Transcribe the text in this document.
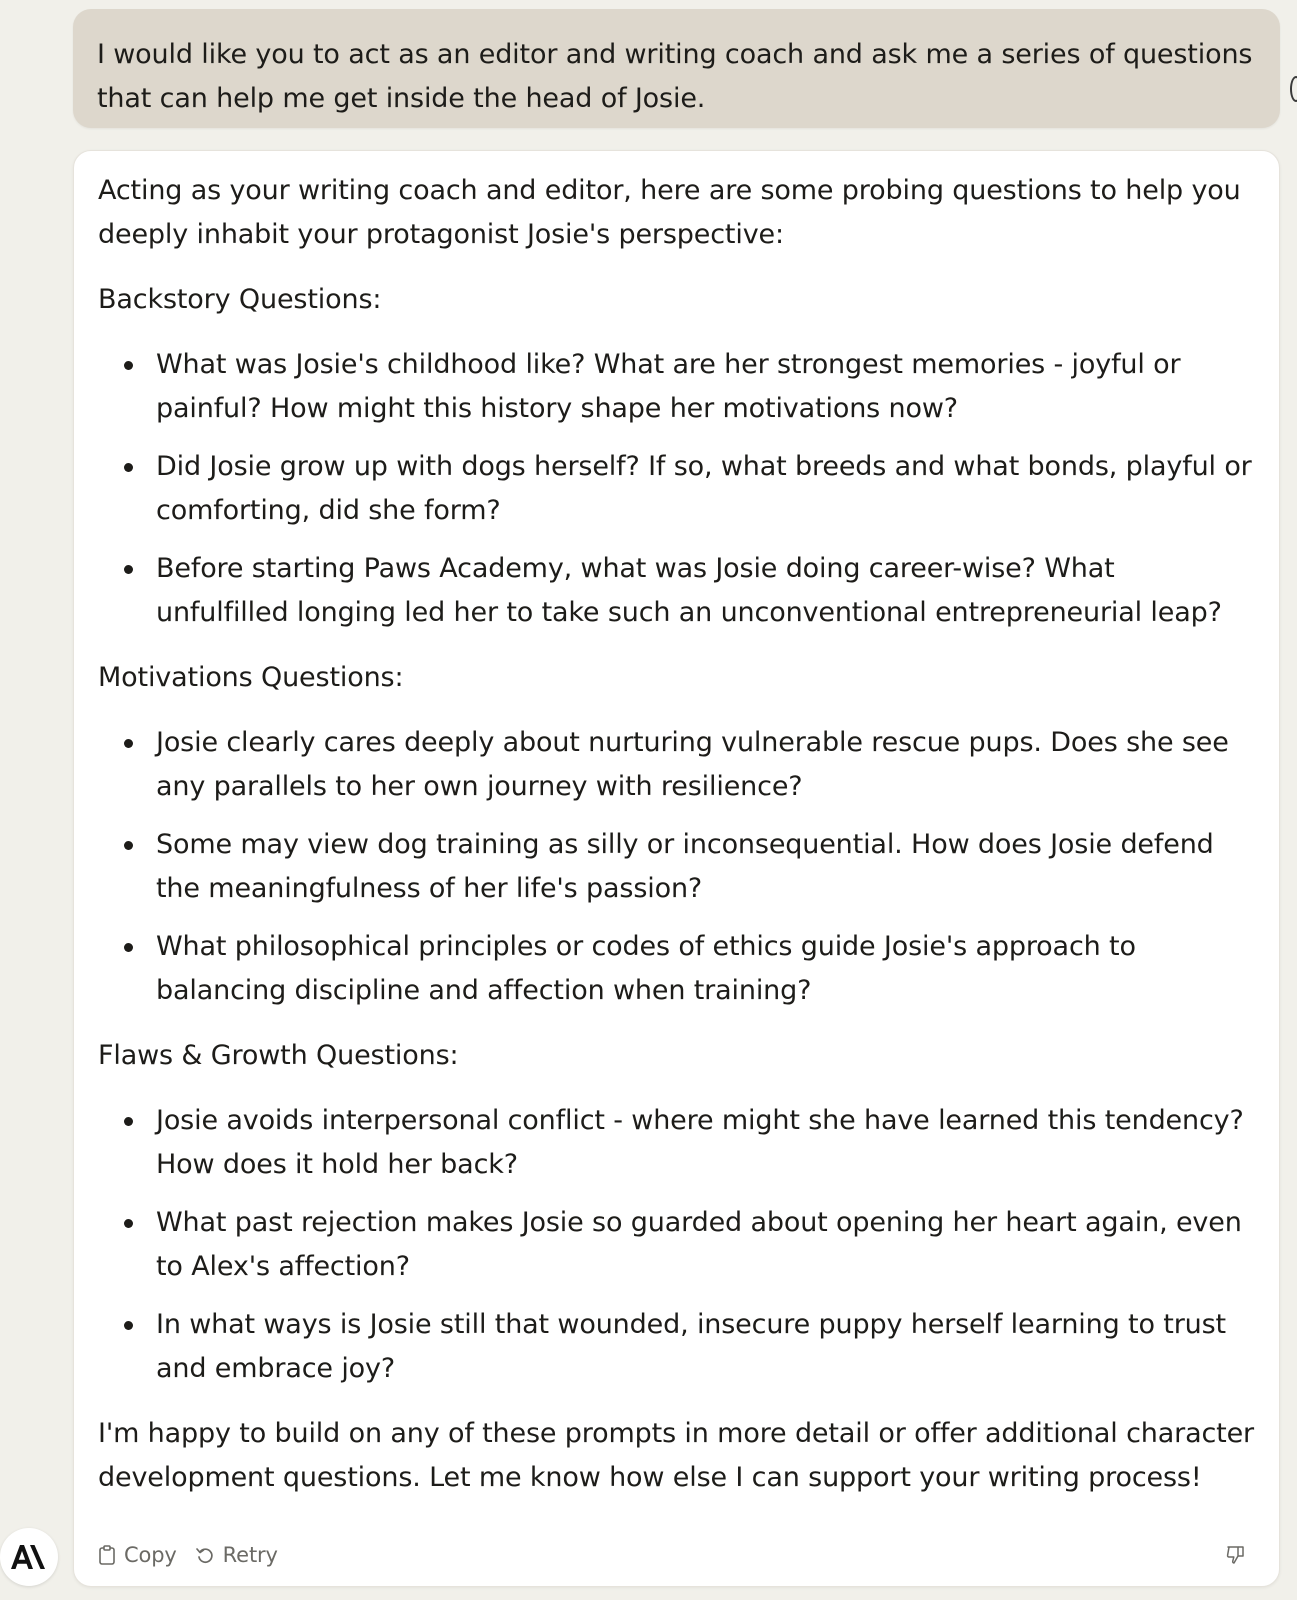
I would like you to act as an editor and writing coach and ask me a series of questions that can help me get inside the head of Josie.

Acting as your writing coach and editor, here are some probing questions to help you deeply inhabit your protagonist Josie's perspective:

Backstory Questions:

What was Josie's childhood like? What are her strongest memories - joyful or painful? How might this history shape her motivations now?
Did Josie grow up with dogs herself? If so, what breeds and what bonds, playful or comforting, did she form?
Before starting Paws Academy, what was Josie doing career-wise? What unfulfilled longing led her to take such an unconventional entrepreneurial leap?

Motivations Questions:

Josie clearly cares deeply about nurturing vulnerable rescue pups. Does she see any parallels to her own journey with resilience?
Some may view dog training as silly or inconsequential. How does Josie defend the meaningfulness of her life's passion?
What philosophical principles or codes of ethics guide Josie's approach to balancing discipline and affection when training?

Flaws & Growth Questions:

Josie avoids interpersonal conflict - where might she have learned this tendency? How does it hold her back?
What past rejection makes Josie so guarded about opening her heart again, even to Alex's affection?
In what ways is Josie still that wounded, insecure puppy herself learning to trust and embrace joy?

I'm happy to build on any of these prompts in more detail or offer additional character development questions. Let me know how else I can support your writing process!

Copy Retry
A\
